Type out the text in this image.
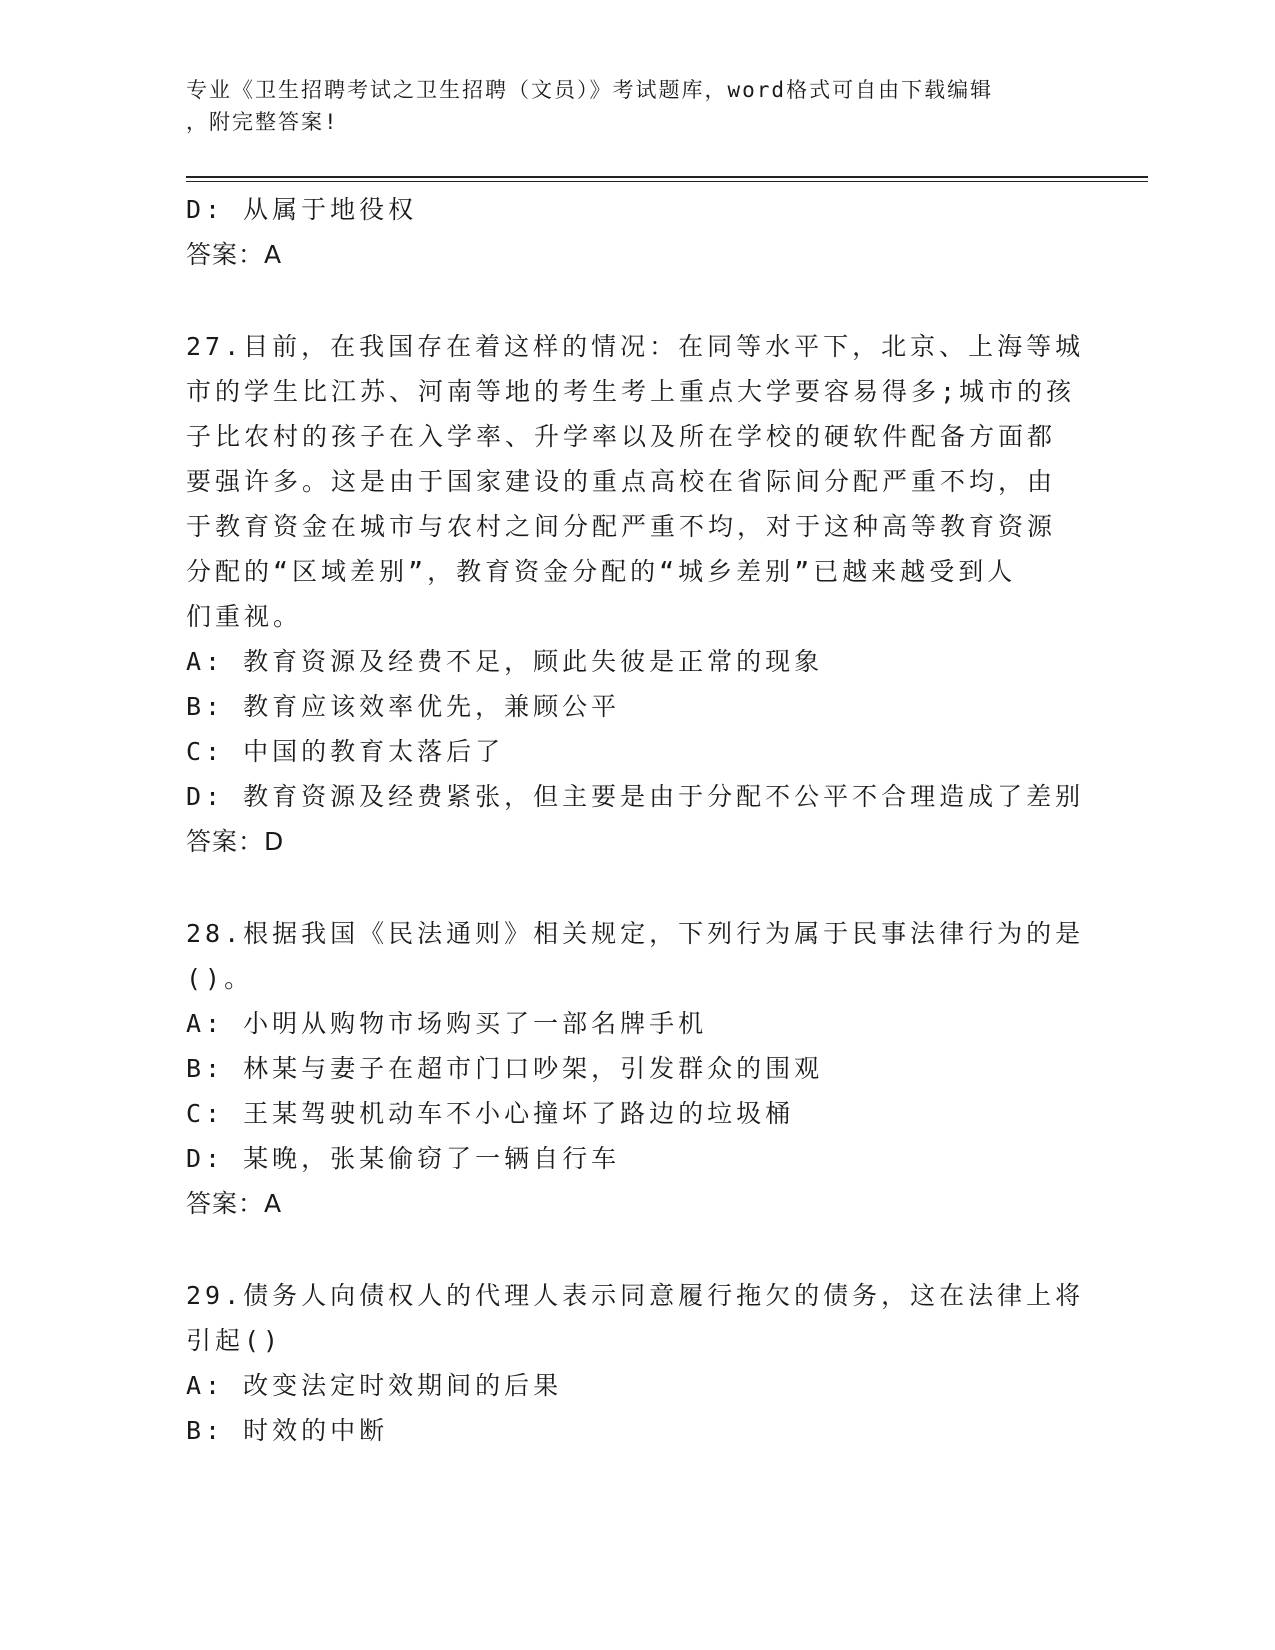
专业《卫生招聘考试之卫生招聘（文员）》考试题库，word格式可自由下载编辑
，附完整答案!
D: 从属于地役权
答案：A
27.目前，在我国存在着这样的情况：在同等水平下，北京、上海等城
市的学生比江苏、河南等地的考生考上重点大学要容易得多;城市的孩
子比农村的孩子在入学率、升学率以及所在学校的硬软件配备方面都
要强许多。这是由于国家建设的重点高校在省际间分配严重不均，由
于教育资金在城市与农村之间分配严重不均，对于这种高等教育资源
分配的“区域差别”，教育资金分配的“城乡差别”已越来越受到人
们重视。
A: 教育资源及经费不足，顾此失彼是正常的现象
B: 教育应该效率优先，兼顾公平
C: 中国的教育太落后了
D: 教育资源及经费紧张，但主要是由于分配不公平不合理造成了差别
答案：D
28.根据我国《民法通则》相关规定，下列行为属于民事法律行为的是
()。
A: 小明从购物市场购买了一部名牌手机
B: 林某与妻子在超市门口吵架，引发群众的围观
C: 王某驾驶机动车不小心撞坏了路边的垃圾桶
D: 某晚，张某偷窃了一辆自行车
答案：A
29.债务人向债权人的代理人表示同意履行拖欠的债务，这在法律上将
引起()
A: 改变法定时效期间的后果
B: 时效的中断
